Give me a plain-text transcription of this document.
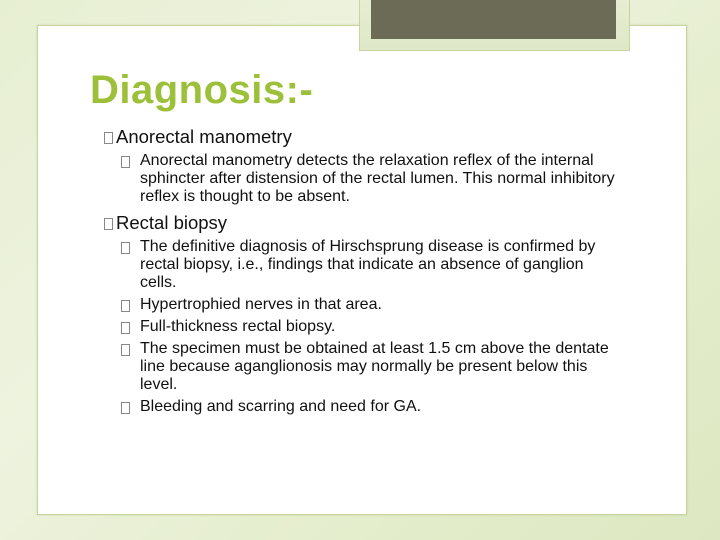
Diagnosis:-
Anorectal manometry
Anorectal manometry detects the relaxation reflex of the internal sphincter after distension of the rectal lumen. This normal inhibitory reflex is thought to be absent.
Rectal biopsy
The definitive diagnosis of Hirschsprung disease is confirmed by rectal biopsy, i.e., findings that indicate an absence of ganglion cells.
Hypertrophied nerves in that area.
Full-thickness rectal biopsy.
The specimen must be obtained at least 1.5 cm above the dentate line because aganglionosis may normally be present below this level.
Bleeding and scarring and need for GA.
